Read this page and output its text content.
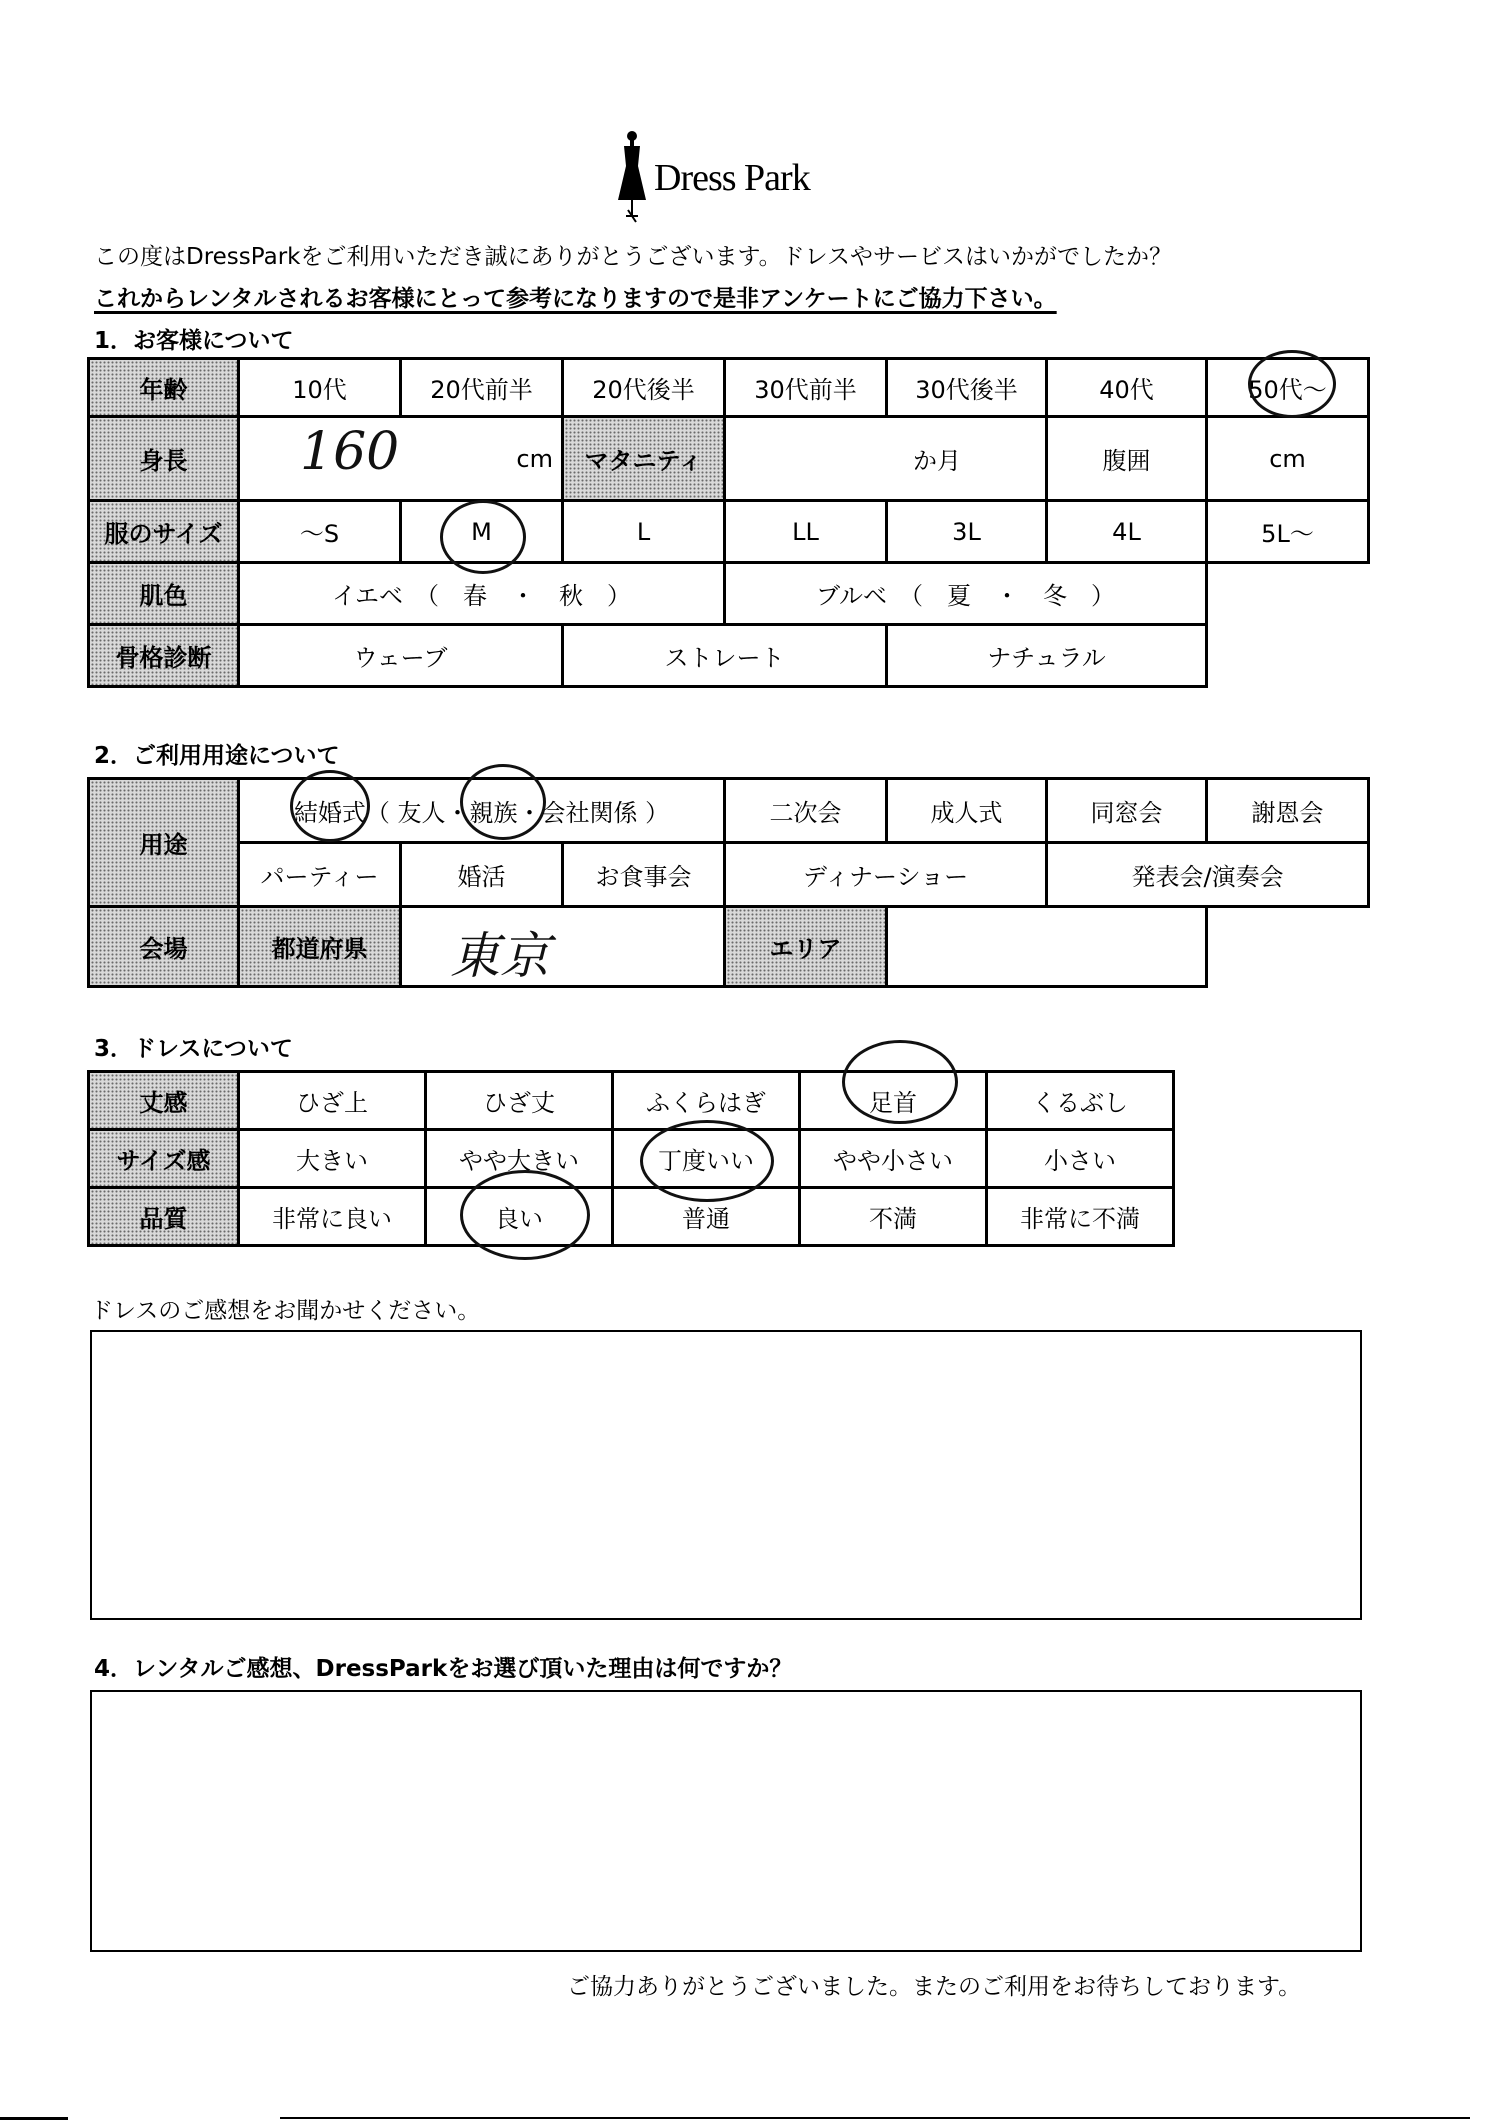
Dress Park
この度はDressParkをご利用いただき誠にありがとうございます。ドレスやサービスはいかがでしたか？
これからレンタルされるお客様にとって参考になりますので是非アンケートにご協力下さい。
1．お客様について
年齢	10代	20代前半	20代後半	30代前半	30代後半	40代	50代～
身長	160 cm		マタニティ	か月		腹囲	cm
服のサイズ	～S	M	L	LL	3L	4L	5L～
肌色	イエベ　（　春　・　秋　）			ブルベ　（　夏　・　冬　）			
骨格診断	ウェーブ		ストレート		ナチュラル		
2．ご利用用途について
用途	結婚式（ 友人・親族・会社関係 ）			二次会	成人式	同窓会	謝恩会
	パーティー	婚活	お食事会	ディナーショー		発表会/演奏会	
会場	都道府県	東京		エリア			
3．ドレスについて
丈感	ひざ上	ひざ丈	ふくらはぎ	足首	くるぶし
サイズ感	大きい	やや大きい	丁度いい	やや小さい	小さい
品質	非常に良い	良い	普通	不満	非常に不満
ドレスのご感想をお聞かせください。
4．レンタルご感想、DressParkをお選び頂いた理由は何ですか？
ご協力ありがとうございました。またのご利用をお待ちしております。
